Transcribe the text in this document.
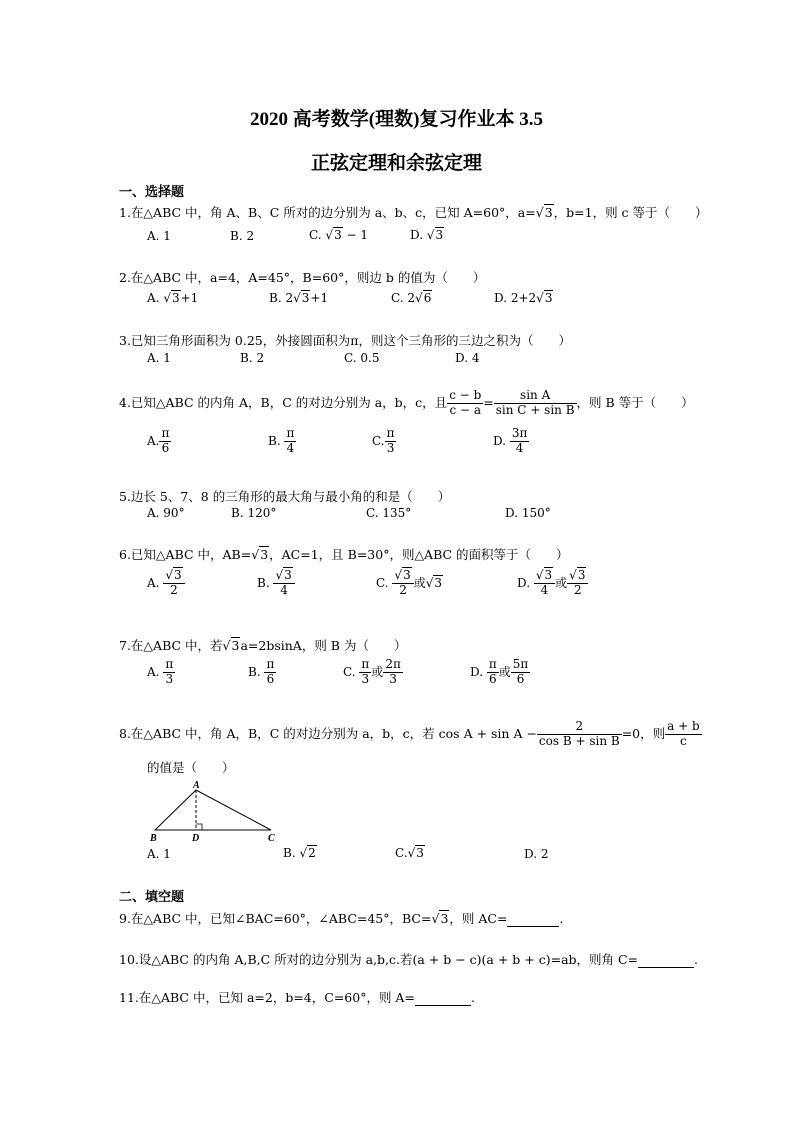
2020 高考数学(理数)复习作业本 3.5
正弦定理和余弦定理
一、选择题
1.在△ABC 中，角 A、B、C 所对的边分别为 a、b、c，已知 A=60°，a=√3，b=1，则 c 等于（　　）
A. 1	B. 2	C. √3 − 1	D. √3
2.在△ABC 中，a=4，A=45°，B=60°，则边 b 的值为（　　）
A. √3+1	B. 2√3+1	C. 2√6	D. 2+2√3
3.已知三角形面积为 0.25，外接圆面积为π，则这个三角形的三边之积为（　　）
A. 1	B. 2	C. 0.5	D. 4
4.已知△ABC 的内角 A，B，C 的对边分别为 a，b，c，且 $\frac{c - b}{c - a} = \frac{\text{sin A}}{\text{sin C + sin B}}$ ，则 B 等于（　　）
A. $\frac{\pi}{6}$	B. $\frac{\pi}{4}$	C. $\frac{\pi}{3}$	D. $\frac{3\pi}{4}$
5.边长 5、7、8 的三角形的最大角与最小角的和是（　　）
A. 90°	B. 120°	C. 135°	D. 150°
6.已知△ABC 中，AB=√3，AC=1，且 B=30°，则△ABC 的面积等于（　　）
A. $\frac{√3}{2}$	B. $\frac{√3}{4}$	C. $\frac{√3}{2}$ 或√3	D. $\frac{√3}{4}$ 或 $\frac{√3}{2}$
7.在△ABC 中，若√3a=2bsinA，则 B 为（　　）
A. $\frac{\pi}{3}$	B. $\frac{\pi}{6}$	C. $\frac{\pi}{3}$ 或 $\frac{2\pi}{3}$	D. $\frac{\pi}{6}$ 或 $\frac{5\pi}{6}$
8.在△ABC 中，角 A，B，C 的对边分别为 a，b，c，若 $\cos A + \sin A - \frac{2}{\text{cos B + sin B}} =0$，则 $\frac{a + b}{c}$
的值是（　　）
A
B	D	C
A. 1	B. √2	C.√3	D. 2
二、填空题
9.在△ABC 中，已知∠BAC=60°，∠ABC=45°，BC=√3，则 AC=	.
10.设△ABC 的内角 A,B,C 所对的边分别为 a,b,c.若(a + b − c)(a + b + c)=ab，则角 C=	.
11.在△ABC 中，已知 a=2，b=4，C=60°，则 A=	.
